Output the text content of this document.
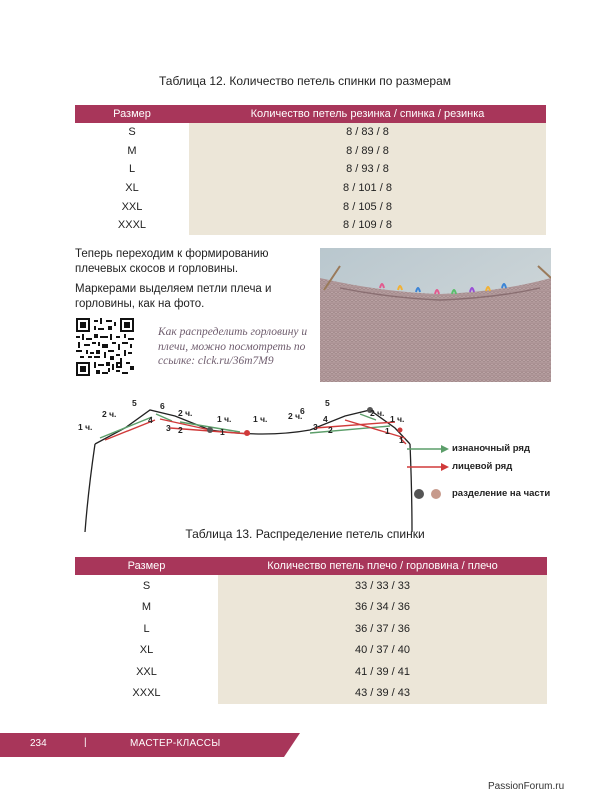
Таблица 12. Количество петель спинки по размерам
Размер	Количество петель резинка / спинка / резинка
S	8 / 83 / 8
M	8 / 89 / 8
L	8 / 93 / 8
XL	8 / 101 / 8
XXL	8 / 105 / 8
XXXL	8 / 109 / 8
Теперь переходим к формированию плечевых скосов и горловины.
Маркерами выделяем петли плеча и горловины, как на фото.
Как распределить горловину и плечи, можно посмотреть по ссылке: clck.ru/36m7M9
1 ч.
2 ч.
5	6
2 ч.
4
3 2
1 ч.
1
1 ч.
6
5
2 ч.	2 ч.
1 ч.
3
4
2	1
1
изнаночный ряд
лицевой ряд
разделение на части
Таблица 13. Распределение петель спинки
Размер	Количество петель плечо / горловина / плечо
S	33 / 33 / 33
M	36 / 34 / 36
L	36 / 37 / 36
XL	40 / 37 / 40
XXL	41 / 39 / 41
XXXL	43 / 39 / 43
234	|	МАСТЕР-КЛАССЫ
PassionForum.ru
